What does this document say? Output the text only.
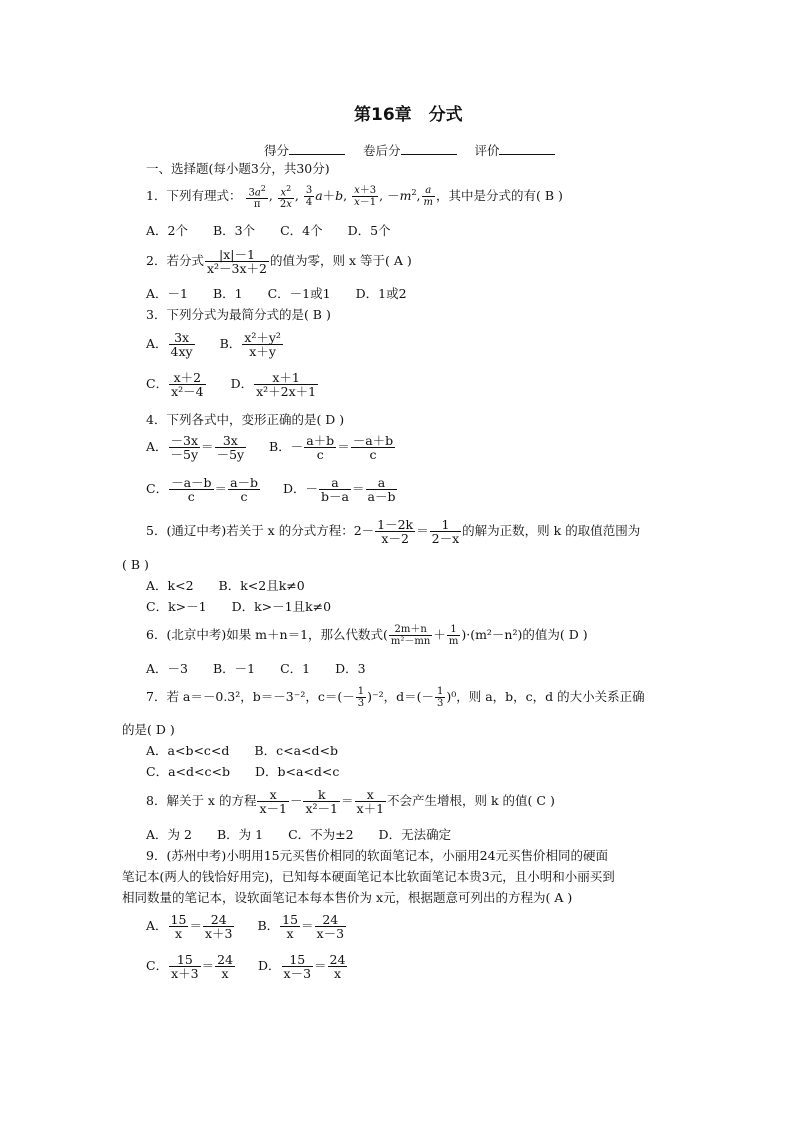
第16章　分式
得分	卷后分	评价
一、选择题(每小题3分，共30分)
1．下列有理式： $\frac{3a^2}{\pi}$ , $\frac{x^2}{2x}$ , $\frac{3}{4} a+b$, $\frac{x+3}{x-1}$ , $-m^2$, $\frac{a}{m}$ ，其中是分式的有( B )
A．2个　　B．3个　　C．4个　　D．5个
2．若分式 $\frac{|x|-1}{\text{x²－3x＋2}}$ 的值为零，则 x 等于( A )
A．－1　　B．1　　C．－1或1　　D．1或2
3．下列分式为最简分式的是( B )
A． $\frac{3x}{4xy}$ B． $\frac{\text{x²＋y²}}{x+y}$
C． $\frac{x+2}{\text{x²－4}}$ D． $\frac{x+1}{\text{x²＋2x＋1}}$
4．下列各式中，变形正确的是( D )
A． $\frac{-3x}{-5y} = \frac{3x}{-5y}$ B．－ $\frac{a+b}{c} = \frac{-a+b}{c}$
C． $\frac{-a-b}{c} = \frac{a-b}{c}$ D．－ $\frac{a}{b-a} = \frac{a}{a-b}$
5．(通辽中考)若关于 x 的分式方程：$2- \frac{1-2k}{x-2} = \frac{1}{2-x}$ 的解为正数，则 k 的取值范围为
( B )
A．k<2　　B．k<2且k≠0
C．k>－1　　D．k>－1且k≠0
6．(北京中考)如果 m＋n＝1，那么代数式( $\frac{2m+n}{\text{m²－mn}} + \frac{1}{m} )\cdot(m^2-n^2)$的值为( D )
A．－3　　B．－1　　C．1　　D．3
7．若 a＝－0.3²，b＝－3⁻²，$c=(- \frac{1}{3} )^{-2}$，$d=(- \frac{1}{3} )^0$，则 a，b，c，d 的大小关系正确
的是( D )
A．a<b<c<d　　B．c<a<d<b
C．a<d<c<b　　D．b<a<d<c
8．解关于 x 的方程 $\frac{x}{x-1} - \frac{k}{\text{x²－1}} = \frac{x}{x+1}$ 不会产生增根，则 k 的值( C )
A．为 2　　B．为 1　　C．不为±2　　D．无法确定
9．(苏州中考)小明用15元买售价相同的软面笔记本，小丽用24元买售价相同的硬面
笔记本(两人的钱恰好用完)，已知每本硬面笔记本比软面笔记本贵3元，且小明和小丽买到
相同数量的笔记本，设软面笔记本每本售价为 x元，根据题意可列出的方程为( A )
A． $\frac{15}{x} = \frac{24}{x+3}$ B． $\frac{15}{x} = \frac{24}{x-3}$
C． $\frac{15}{x+3} = \frac{24}{x}$ D． $\frac{15}{x-3} = \frac{24}{x}$
